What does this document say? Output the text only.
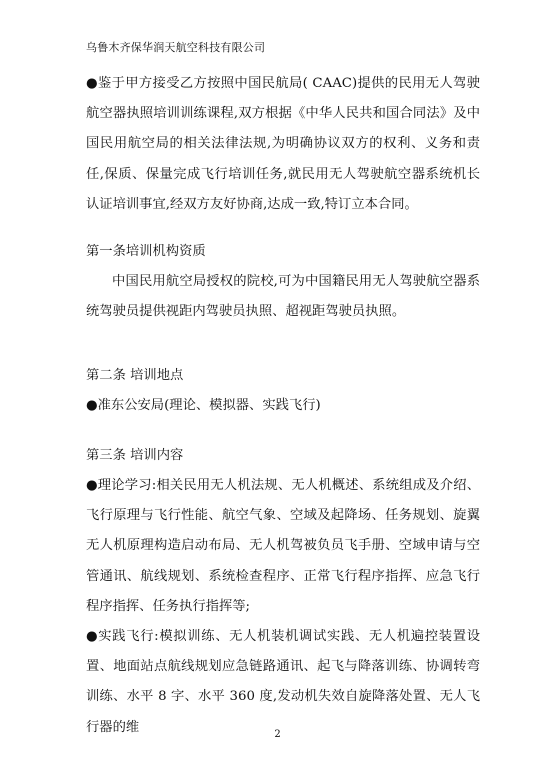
乌鲁木齐保华润天航空科技有限公司

●鉴于甲方接受乙方按照中国民航局( CAAC)提供的民用无人驾驶航空器执照培训训练课程,双方根据《中华人民共和国合同法》及中国民用航空局的相关法律法规,为明确协议双方的权利、义务和责任,保质、保量完成飞行培训任务,就民用无人驾驶航空器系统机长认证培训事宜,经双方友好协商,达成一致,特订立本合同。

第一条培训机构资质

中国民用航空局授权的院校,可为中国籍民用无人驾驶航空器系统驾驶员提供视距内驾驶员执照、超视距驾驶员执照。

第二条 培训地点

●准东公安局(理论、模拟器、实践飞行)

第三条 培训内容

●理论学习:相关民用无人机法规、无人机概述、系统组成及介绍、飞行原理与飞行性能、航空气象、空域及起降场、任务规划、旋翼无人机原理构造启动布局、无人机驾被负员飞手册、空域申请与空管通讯、航线规划、系统检查程序、正常飞行程序指挥、应急飞行程序指挥、任务执行指挥等;

●实践飞行:模拟训练、无人机装机调试实践、无人机遍控装置设置、地面站点航线规划应急链路通讯、起飞与降落训练、协调转弯训练、水平 8 字、水平 360 度,发动机失效自旋降落处置、无人飞行器的维	2
